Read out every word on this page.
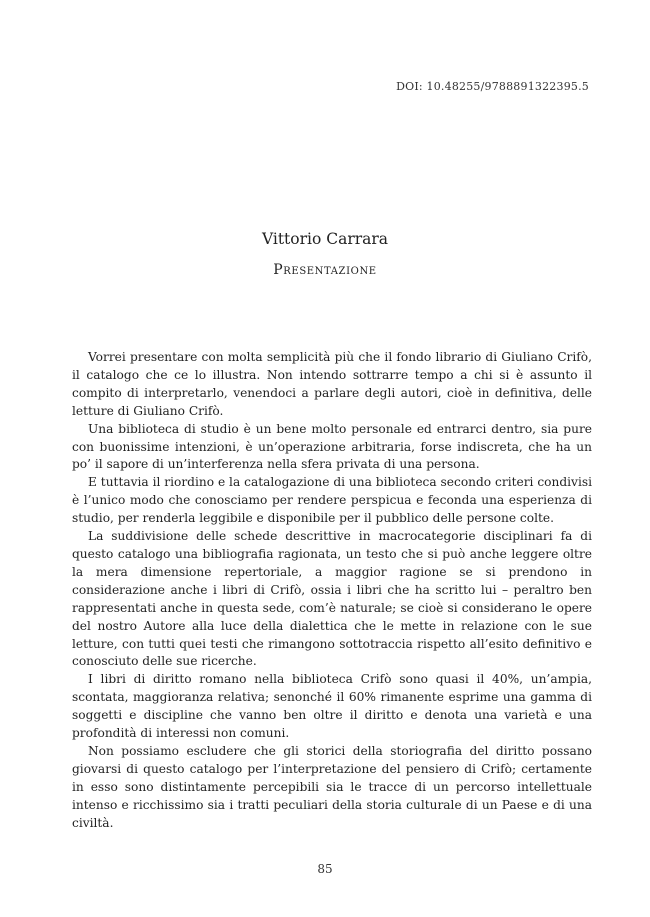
DOI: 10.48255/9788891322395.5
Vittorio Carrara
Presentazione

Vorrei presentare con molta semplicità più che il fondo librario di Giuliano Crifò, il catalogo che ce lo illustra. Non intendo sottrarre tempo a chi si è assunto il compito di interpretarlo, venendoci a parlare degli autori, cioè in definitiva, delle letture di Giuliano Crifò.

Una biblioteca di studio è un bene molto personale ed entrarci dentro, sia pure con buonissime intenzioni, è un’operazione arbitraria, forse indiscreta, che ha un po’ il sapore di un’interferenza nella sfera privata di una persona.

E tuttavia il riordino e la catalogazione di una biblioteca secondo criteri condivisi è l’unico modo che conosciamo per rendere perspicua e feconda una esperienza di studio, per renderla leggibile e disponibile per il pubblico delle persone colte.

La suddivisione delle schede descrittive in macrocategorie disciplinari fa di questo catalogo una bibliografia ragionata, un testo che si può anche leggere oltre la mera dimensione repertoriale, a maggior ragione se si prendono in considerazione anche i libri di Crifò, ossia i libri che ha scritto lui – peraltro ben rappresentati anche in questa sede, com’è naturale; se cioè si considerano le opere del nostro Autore alla luce della dialettica che le mette in relazione con le sue letture, con tutti quei testi che rimangono sottotraccia rispetto all’esito definitivo e conosciuto delle sue ricerche.

I libri di diritto romano nella biblioteca Crifò sono quasi il 40%, un’ampia, scontata, maggioranza relativa; senonché il 60% rimanente esprime una gamma di soggetti e discipline che vanno ben oltre il diritto e denota una varietà e una profondità di interessi non comuni.

Non possiamo escludere che gli storici della storiografia del diritto possano giovarsi di questo catalogo per l’interpretazione del pensiero di Crifò; certamente in esso sono distintamente percepibili sia le tracce di un percorso intellettuale intenso e ricchissimo sia i tratti peculiari della storia culturale di un Paese e di una civiltà.

85
